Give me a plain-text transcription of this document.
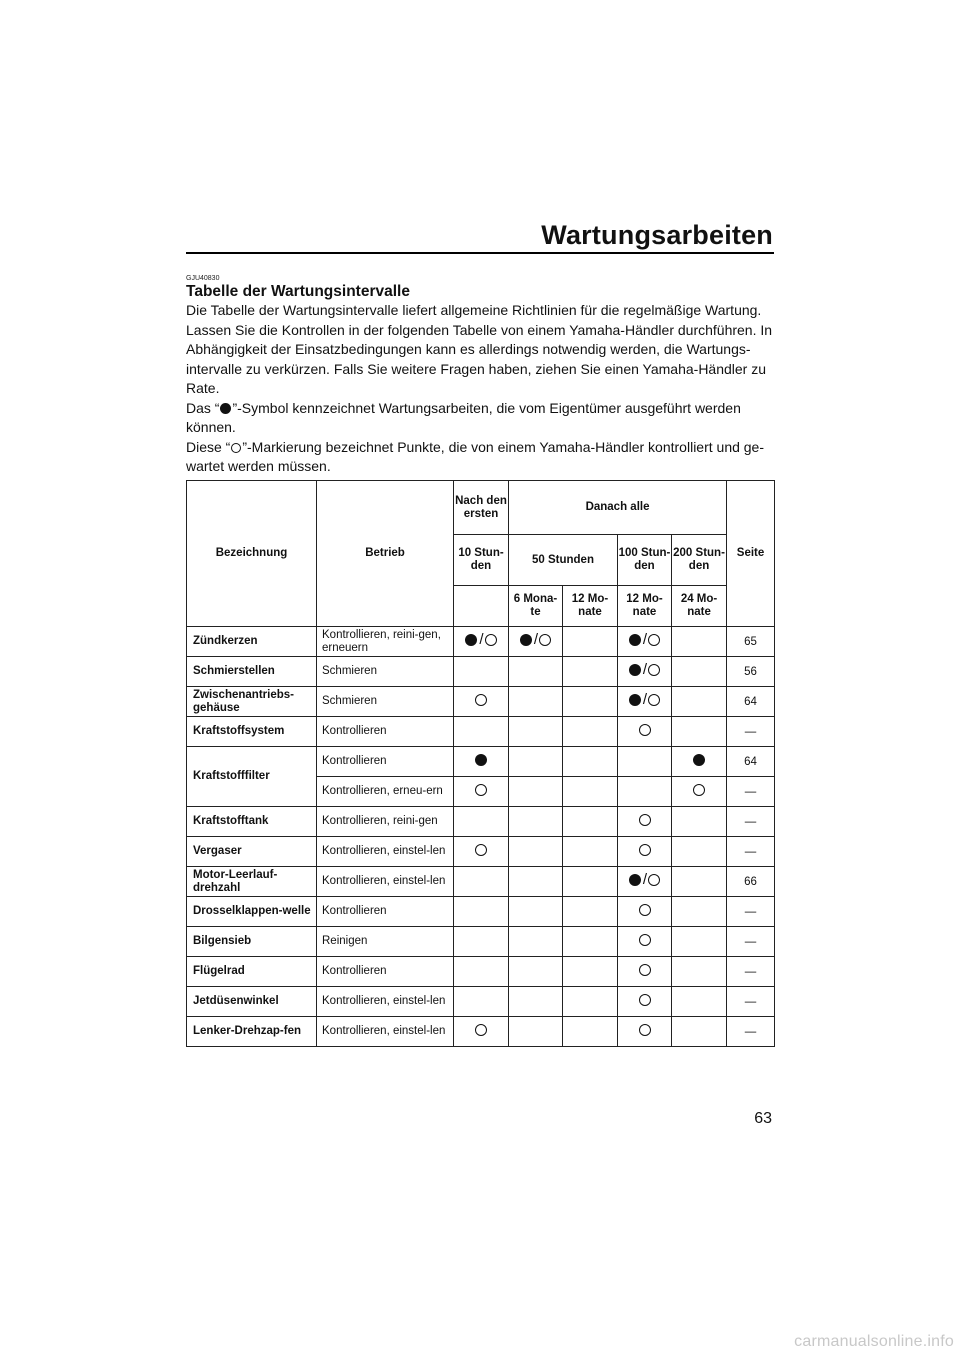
Wartungsarbeiten
GJU40830
Tabelle der Wartungsintervalle

Die Tabelle der Wartungsintervalle liefert allgemeine Richtlinien für die regelmäßige Wartung. Lassen Sie die Kontrollen in der folgenden Tabelle von einem Yamaha-Händler durchführen. In Abhängigkeit der Einsatzbedingungen kann es allerdings notwendig werden, die Wartungs-intervalle zu verkürzen. Falls Sie weitere Fragen haben, ziehen Sie einen Yamaha-Händler zu Rate.

Das “ ”-Symbol kennzeichnet Wartungsarbeiten, die vom Eigentümer ausgeführt werden können.

Diese “ ”-Markierung bezeichnet Punkte, die von einem Yamaha-Händler kontrolliert und ge-wartet werden müssen.

Bezeichnung	Betrieb	Nach den ersten	Danach alle				Seite
		10 Stun-den	50 Stunden		100 Stun-den	200 Stun-den	
			6 Mona-te	12 Mo-nate	12 Mo-nate	24 Mo-nate	
Zündkerzen	Kontrollieren, reini-gen, erneuern	/	/		/		65
Schmierstellen	Schmieren				/		56
Zwischenantriebs-gehäuse	Schmieren				/		64
Kraftstoffsystem	Kontrollieren						—
Kraftstofffilter	Kontrollieren						64
	Kontrollieren, erneu-ern						—
Kraftstofftank	Kontrollieren, reini-gen						—
Vergaser	Kontrollieren, einstel-len						—
Motor-Leerlauf-drehzahl	Kontrollieren, einstel-len				/		66
Drosselklappen-welle	Kontrollieren						—
Bilgensieb	Reinigen						—
Flügelrad	Kontrollieren						—
Jetdüsenwinkel	Kontrollieren, einstel-len						—
Lenker-Drehzap-fen	Kontrollieren, einstel-len						—
63
carmanualsonline.info
